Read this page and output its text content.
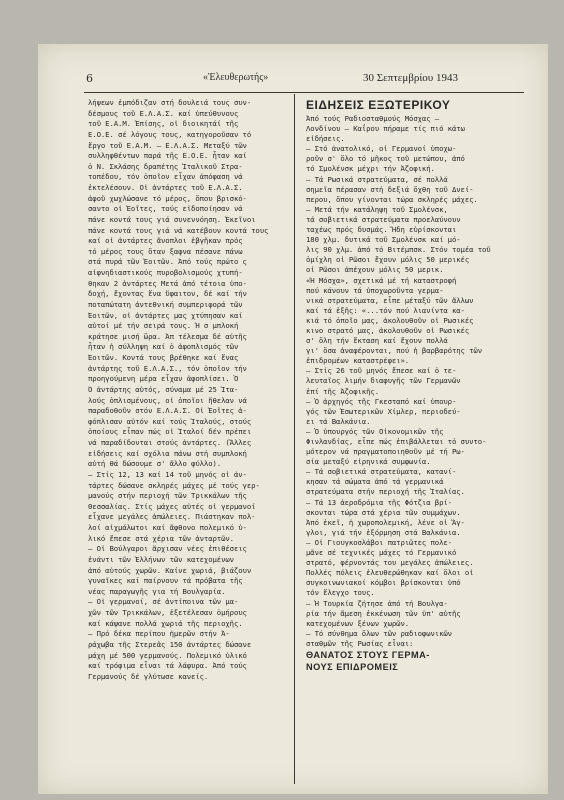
6	«Ἐλευθερωτής»	30 Σεπτεμβρίου 1943
λήψεων ἐμπόδιζαν στή δουλειά τους συν-
δέσμους τοῦ Ε.Λ.Α.Σ. καί ὑπεύθυνους
τοῦ Ε.Α.Μ. Ἐπίσης, οἱ διοικητάί τῆς
Ε.Ο.Ε. σέ λόγους τους, κατηγοροῦσαν τό
ἔργο τοῦ Ε.Α.Μ. — Ε.Λ.Α.Σ. Μεταξύ τῶν
συλληφθέντων παρά τῆς Ε.Ο.Ε. ἦταν καί
ὁ Ν. Σκλάσης δραπέτης Ἰταλικοῦ Στρα-
τοπέδου, τόν ὁποῖον εἶχαν ἀπόφαση νά
ἐκτελέσουν. Οἱ ἀντάρτες τοῦ Ε.Λ.Α.Σ.
ἀφοῦ χωχλώσανε τό μέρος, ὅπου βρισκό-
σαντο οἱ Ἐοῖτες, τούς εἰδοποίησαν νά
πάνε κοντά τους γιά συνεννόηση. Ἐκεῖνοι
πάνε κοντά τους γιά νά κατέβουν κοντά τους
καί οἱ ἀντάρτες ἄνοπλοι ἐβγῆκαν πρός
τό μέρος τους ὅταν ξαφνα πέσανε πάνω
στά πυρά τῶν Ἐοιτῶν. Ἀπό τούς πρώτο ς
αἰφνηδιαστικούς πυροβολισμούς χτυπή-
θηκαν 2 ἀντάρτες Μετά ἀπό τέτοια ὑπο-
δοχή, ἔχοντας ἔνα ὕφαιτον, δέ καί τήν
ποταπώτατη ἀντεθνική συμπεριφορά τῶν
Ἐοιτῶν, οἱ ἀντάρτες μας χτύπησαν καί
αὐτοί μέ τήν σειρά τους. Ἡ σ μπλοκή
κράτησε μισή ὥρα. Ἀπ τέλεσμα δέ αὐτῆς
ἦταν ἡ σύλληψη καί ὁ ἀφοπλισμός τῶν
Ἐοιτῶν. Κοντά τους βρέθηκε καί ἕνας
ἀντάρτης τοῦ Ε.Λ.Α.Σ., τόν ὁποῖον τήν
προηγούμενη μέρα εἶχαν ἀφοπλίσει. Ὁ
Ὁ ἀντάρτης αὐτός, σύναμα μέ 25 Ἰτα-
λούς ὁπλισμένους, οἱ ὁποῖοι ἤθελαν νά
παραδοθοῦν στόν Ε.Λ.Α.Σ. Οἱ Ἐοῖτες ἀ-
φόπλισαν αὐτόν καί τούς Ἰταλούς, στούς
ὁποίους εἶπαν πώς οἱ Ἰταλοί δέν πρέπει
νά παραδίδονται στούς ἀντάρτες. (Ἄλλες
εἰδήσεις καί σχόλια πάνω στή συμπλοκή
αὐτή θά δώσουμε σ' ἄλλο φύλλο).
— Στίς 12, 13 καί 14 τοῦ μηνός οἱ ἀν-
τάρτες δώσανε σκληρές μάχες μέ τούς γερ-
μανούς στήν περιοχή τῶν Τρικκάλων τῆς
Θεσσαλίας. Στίς μάχες αὐτές οἱ γερμανοί
εἶχανε μεγάλες ἀπώλειες. Πιάστηκαν πολ-
λοί αἰχμάλωτοι καί ἄφθονο πολεμικό ὑ-
λικό ἔπεσε στά χέρια τῶν ἀνταρτῶν.
— Οἱ Βούλγαροι ἄρχισαν νέες ἐπιθέσεις
ἐνάντι τῶν Ἑλλήνων τῶν κατεχομένων
ἀπό αὐτούς χωρῶν. Καίνε χωριά, βιάζουν
γυναῖκες καί παίρνουν τά πρόβατα τῆς
νέας παραγωγῆς για τή Βουλγαρία.
— Οἱ γερμανοί, σέ ἀντίποινα τῶν μα-
χῶν τῶν Τρικκάλων, ἐξετέλεσαν ὁμήρους
καί κάψανε πολλά χωριά τῆς περιοχῆς.
— Πρό δέκα περίπου ἡμερῶν στήν Ἀ-
ράχωβα τῆς Στερεᾶς 150 ἀντάρτες δώσανε
μάχη μέ 500 γερμανούς. Πολεμικό ὑλικό
καί τρόφιμα εἶναι τά λάφυρα. Ἀπό τούς
Γερμανούς δέ γλύτωσε κανείς.
ΕΙΔΗΣΕΙΣ ΕΞΩΤΕΡΙΚΟΥ
Ἀπό τούς Ραδιοσταθμούς Μόσχας —
Λονδίνου — Καΐρου πήραμε τίς πιό κάτω
εἰδήσεις.
— Στό ἀνατολικό, οἱ Γερμανοί ὑποχω-
ροῦν σ' ὅλο τό μῆκος τοῦ μετώπου, ἀπό
τό Σμολένσκ μέχρι τήν Ἀζοφική.
— Τά Ρωσικά στρατεύματα, σέ πολλά
σημεῖα πέρασαν στή δεξιά ὄχθη τοῦ Δνεί-
περου, ὅπου γίνονται τώρα σκληρές μάχες.
— Μετά τήν κατάληψη τοῦ Σμολένσκ,
τά σοβιετικά στρατεύματα προελαύνουν
ταχέως πρός δυσμάς. Ἤδη εὑρίσκονται
180 χλμ. δυτικά τοῦ Σμολένσκ καί μό-
λις 90 χλμ. ἀπό τό Βιτέμπσκ. Στόν τομέα τοῦ
ὁμίχλη οἱ Ρῶσοι ἔχουν μόλις 50 μερικές
οἱ Ρῶσοι ἀπέχουν μόλις 50 μερικ.
«Ἡ Μόσχα», σχετικά μέ τή καταστροφή
πού κάνουν τά ὑποχωροῦντα γερμα-
νικά στρατεύματα, εἶπε μέταξύ τῶν ἄλλων
καί τά ἑξῆς: «...τόν πού λιανίντα κα-
κιά τό ὁποῖο μας, ἀκολουθοῦν οἱ Ρωσικές
κινο στρατό μας, ἀκολουθοῦν οἱ Ρωσικές
σ' ὅλη τήν ἔκταση καί ἔχουν πολλά
γι' ὅσα ἀναφέρονται, πού ἡ βαρβαρότης τῶν
ἐπιδρομέων καταστρέφει».
— Στίς 26 τοῦ μηνός ἔπεσε καί ὁ τε-
λευταῖος λιμήν διαφυγῆς τῶν Γερμανῶν
ἐπί τῆς Ἀζοφικῆς.
— Ὁ ἀρχηγός τῆς Γκεσταπό καί ὑπουρ-
γός τῶν Ἐσωτερικῶν Χίμλερ, περιοδεύ-
ει τά Βαλκάνια.
— Ὁ ὑπουργός τῶν Οἰκονομικῶν τῆς
Φινλανδίας, εἶπε πώς ἐπιβάλλεται τό συντο-
μότερον νά πραγματοποιηθοῦν μέ τή Ρω-
σία μεταξύ εἰρηνικά συμφωνία.
— Τά σοβιετικά στρατεύματα, κατανί-
κησαν τά σώματα ἀπό τά γερμανικά
στρατεύματα στήν περιοχή τῆς Ἰταλίας.
— Τά 13 ἀεροδρόμια τῆς Φότζια βρί-
σκονται τώρα στά χέρια τῶν συμμάχων.
Ἀπό ἐκεῖ, ἡ χωροπολεμική, λένε οἱ Ἄγ-
γλοι, γιά τήν ἐξόρμηση στά Βαλκάνια.
— Οἱ Γιουγκοσλάβοι πατριῶτες πολε-
μᾶνε σέ τεχνικές μάχες τό Γερμανικό
στρατό, φέρνοντάς του μεγάλες ἀπώλειες.
Πολλές πόλεις ἐλευθερώθηκαν καί ὅλοι οἱ
συγκοινωνιακοί κόμβοι βρίσκονται ὑπό
τόν ἔλεγχο τους.
— Ἡ Τουρκία ζήτησε ἀπό τή Βουλγα-
ρία τήν ἄμεση ἐκκένωση τῶν ὑπ' αὐτῆς
κατεχομένων ξένων χωρῶν.
— Τό σύνθημα ὅλων τῶν ραδιοφωνικῶν
σταθμῶν τῆς Ρωσίας εἶναι:
ΘΑΝΑΤΟΣ ΣΤΟΥΣ ΓΕΡΜΑ-
ΝΟΥΣ ΕΠΙΔΡΟΜΕΙΣ
